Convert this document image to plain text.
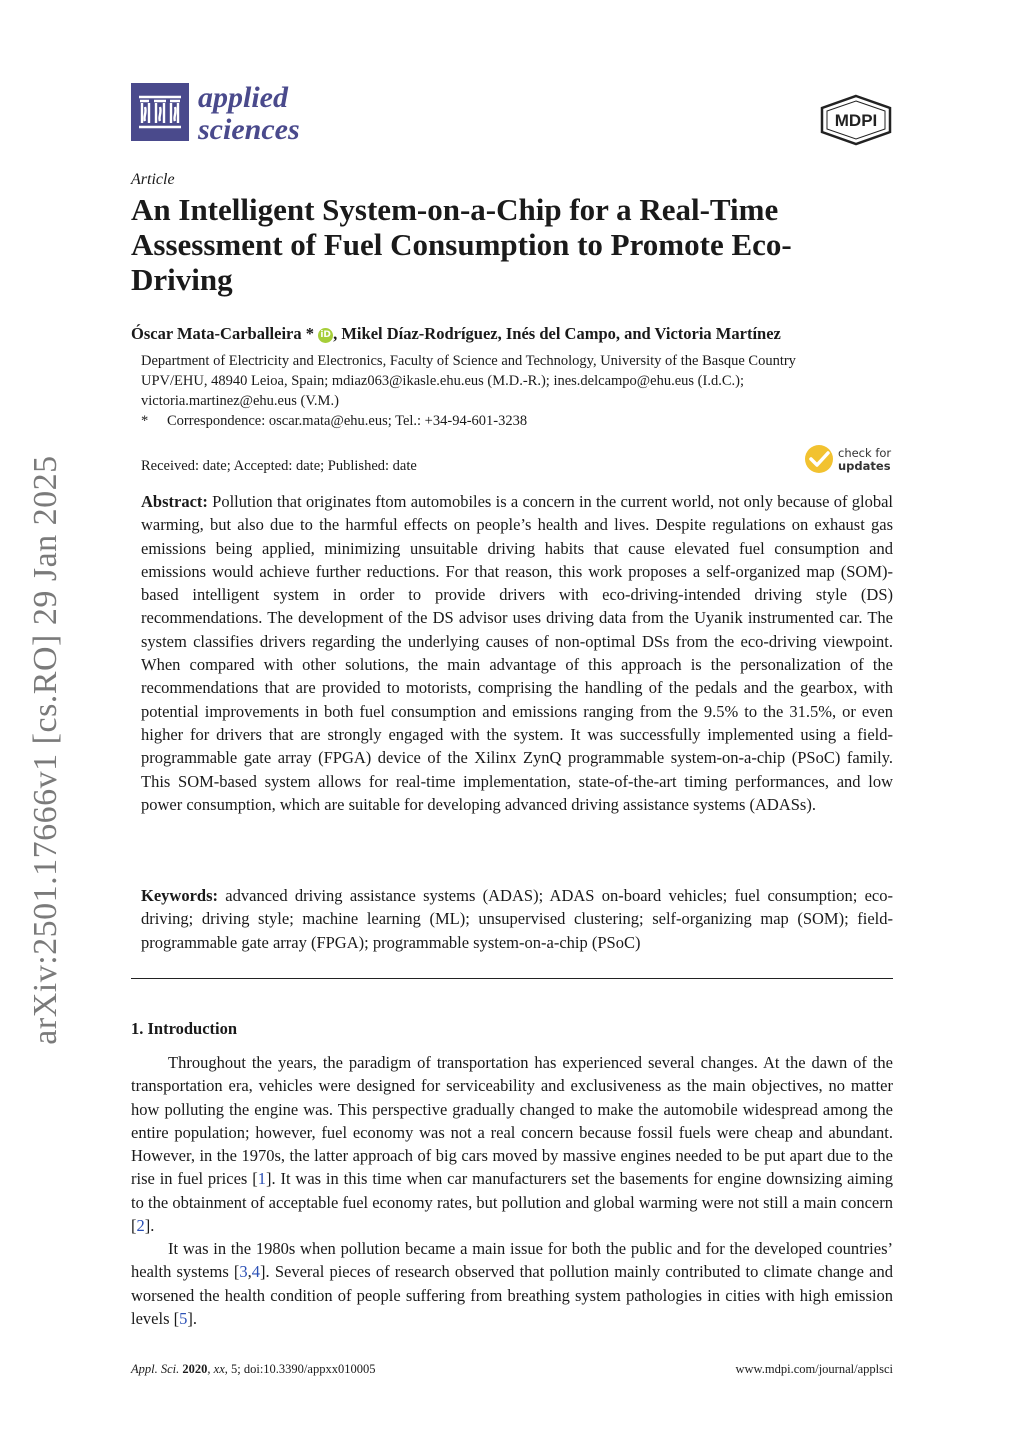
applied
sciences	MDPI
Article
An Intelligent System-on-a-Chip for a Real-Time Assessment of Fuel Consumption to Promote Eco-Driving
Óscar Mata-Carballeira * iD , Mikel Díaz-Rodríguez, Inés del Campo, and Victoria Martínez

Department of Electricity and Electronics, Faculty of Science and Technology, University of the Basque Country

UPV/EHU, 48940 Leioa, Spain; mdiaz063@ikasle.ehu.eus (M.D.-R.); ines.delcampo@ehu.eus (I.d.C.);

victoria.martinez@ehu.eus (V.M.)

* Correspondence: oscar.mata@ehu.eus; Tel.: +34-94-601-3238
Received: date; Accepted: date; Published: date
check for
updates

Abstract: Pollution that originates ftom automobiles is a concern in the current world, not only because of global warming, but also due to the harmful effects on people’s health and lives. Despite regulations on exhaust gas emissions being applied, minimizing unsuitable driving habits that cause elevated fuel consumption and emissions would achieve further reductions. For that reason, this work proposes a self-organized map (SOM)-based intelligent system in order to provide drivers with eco-driving-intended driving style (DS) recommendations. The development of the DS advisor uses driving data from the Uyanik instrumented car. The system classifies drivers regarding the underlying causes of non-optimal DSs from the eco-driving viewpoint. When compared with other solutions, the main advantage of this approach is the personalization of the recommendations that are provided to motorists, comprising the handling of the pedals and the gearbox, with potential improvements in both fuel consumption and emissions ranging from the 9.5% to the 31.5%, or even higher for drivers that are strongly engaged with the system. It was successfully implemented using a field-programmable gate array (FPGA) device of the Xilinx ZynQ programmable system-on-a-chip (PSoC) family. This SOM-based system allows for real-time implementation, state-of-the-art timing performances, and low power consumption, which are suitable for developing advanced driving assistance systems (ADASs).

Keywords: advanced driving assistance systems (ADAS); ADAS on-board vehicles; fuel consumption; eco-driving; driving style; machine learning (ML); unsupervised clustering; self-organizing map (SOM); field-programmable gate array (FPGA); programmable system-on-a-chip (PSoC)

1. Introduction

Throughout the years, the paradigm of transportation has experienced several changes. At the dawn of the transportation era, vehicles were designed for serviceability and exclusiveness as the main objectives, no matter how polluting the engine was. This perspective gradually changed to make the automobile widespread among the entire population; however, fuel economy was not a real concern because fossil fuels were cheap and abundant. However, in the 1970s, the latter approach of big cars moved by massive engines needed to be put apart due to the rise in fuel prices [1]. It was in this time when car manufacturers set the basements for engine downsizing aiming to the obtainment of acceptable fuel economy rates, but pollution and global warming were not still a main concern [2].

It was in the 1980s when pollution became a main issue for both the public and for the developed countries’ health systems [3,4]. Several pieces of research observed that pollution mainly contributed to climate change and worsened the health condition of people suffering from breathing system pathologies in cities with high emission levels [5].

Appl. Sci. 2020, xx, 5; doi:10.3390/appxx010005	www.mdpi.com/journal/applsci
arXiv:2501.17666v1 [cs.RO] 29 Jan 2025
